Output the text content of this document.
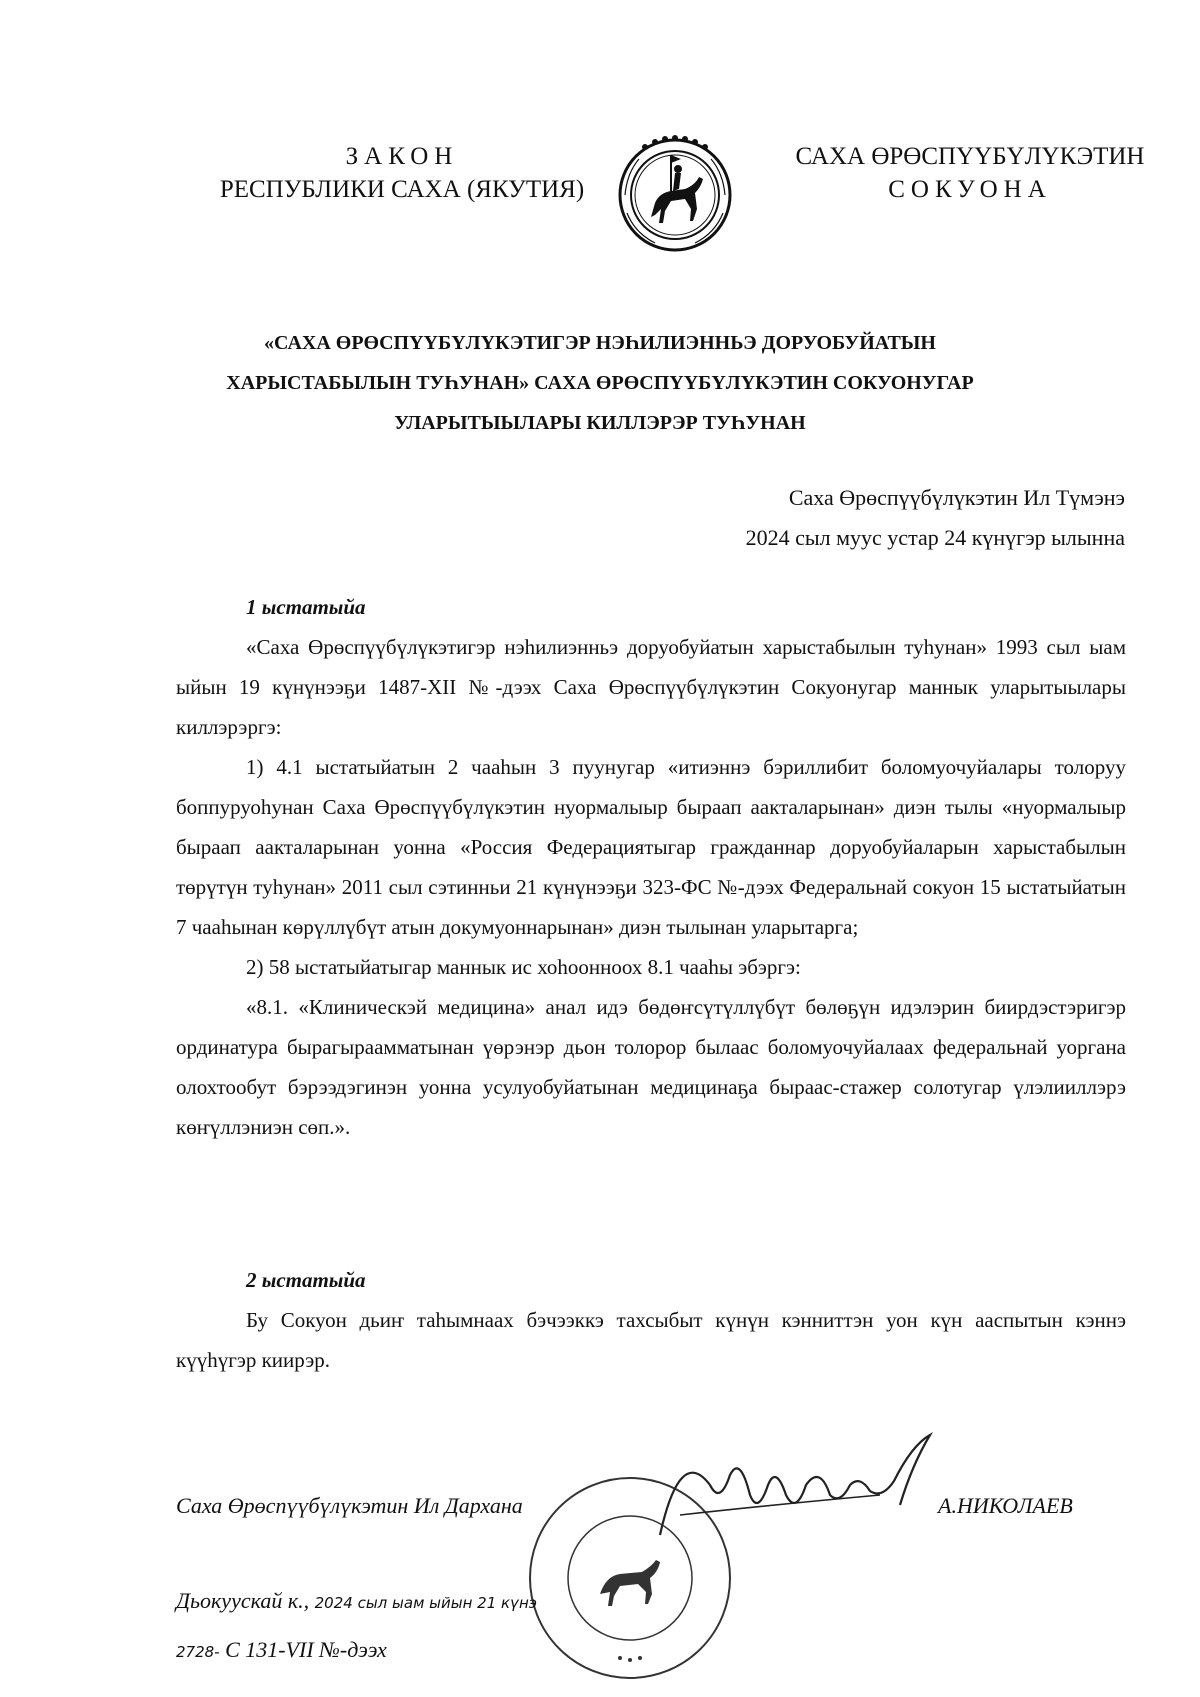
ЗАКОН
РЕСПУБЛИКИ САХА (ЯКУТИЯ)
САХА ӨРӨСПҮҮБҮЛҮКЭТИН
СОКУОНА
«САХА ӨРӨСПҮҮБҮЛҮКЭТИГЭР НЭҺИЛИЭННЬЭ ДОРУОБУЙАТЫН
ХАРЫСТАБЫЛЫН ТУҺУНАН» САХА ӨРӨСПҮҮБҮЛҮКЭТИН СОКУОНУГАР
УЛАРЫТЫЫЛАРЫ КИЛЛЭРЭР ТУҺУНАН
Саха Өрөспүүбүлүкэтин Ил Түмэнэ
2024 сыл муус устар 24 күнүгэр ылынна

1 ыстатыйа

«Саха Өрөспүүбүлүкэтигэр нэһилиэнньэ доруобуйатын харыстабылын туһунан» 1993 сыл ыам ыйын 19 күнүнээҕи 1487-XII №-дээх Саха Өрөспүүбүлүкэтин Сокуонугар маннык уларытыылары киллэрэргэ:

1) 4.1 ыстатыйатын 2 чааһын 3 пуунугар «итиэннэ бэриллибит боломуочуйалары толоруу боппуруоһунан Саха Өрөспүүбүлүкэтин нуормалыыр быраап аакталарынан» диэн тылы «нуормалыыр быраап аакталарынан уонна «Россия Федерациятыгар гражданнар доруобуйаларын харыстабылын төрүтүн туһунан» 2011 сыл сэтинньи 21 күнүнээҕи 323-ФС №-дээх Федеральнай сокуон 15 ыстатыйатын 7 чааһынан көрүллүбүт атын докумуоннарынан» диэн тылынан уларытарга;

2) 58 ыстатыйатыгар маннык ис хоһоонноох 8.1 чааһы эбэргэ:

«8.1. «Клиническэй медицина» анал идэ бөдөҥсүтүллүбүт бөлөҕүн идэлэрин биирдэстэригэр ординатура бырагыраамматынан үөрэнэр дьон толорор былаас боломуочуйалаах федеральнай уоргана олохтообут бэрээдэгинэн уонна усулуобуйатынан медицинаҕа быраас-стажер солотугар үлэлииллэрэ көҥүллэниэн сөп.».

2 ыстатыйа

Бу Сокуон дьиҥ таһымнаах бэчээккэ тахсыбыт күнүн кэнниттэн уон күн ааспытын кэннэ күүһүгэр киирэр.

Саха Өрөспүүбүлүкэтин Ил Дархана	А.НИКОЛАЕВ
Дьокуускай к., 2024 сыл ыам ыйын 21 күнэ
2728- С 131-VII №-дээх
